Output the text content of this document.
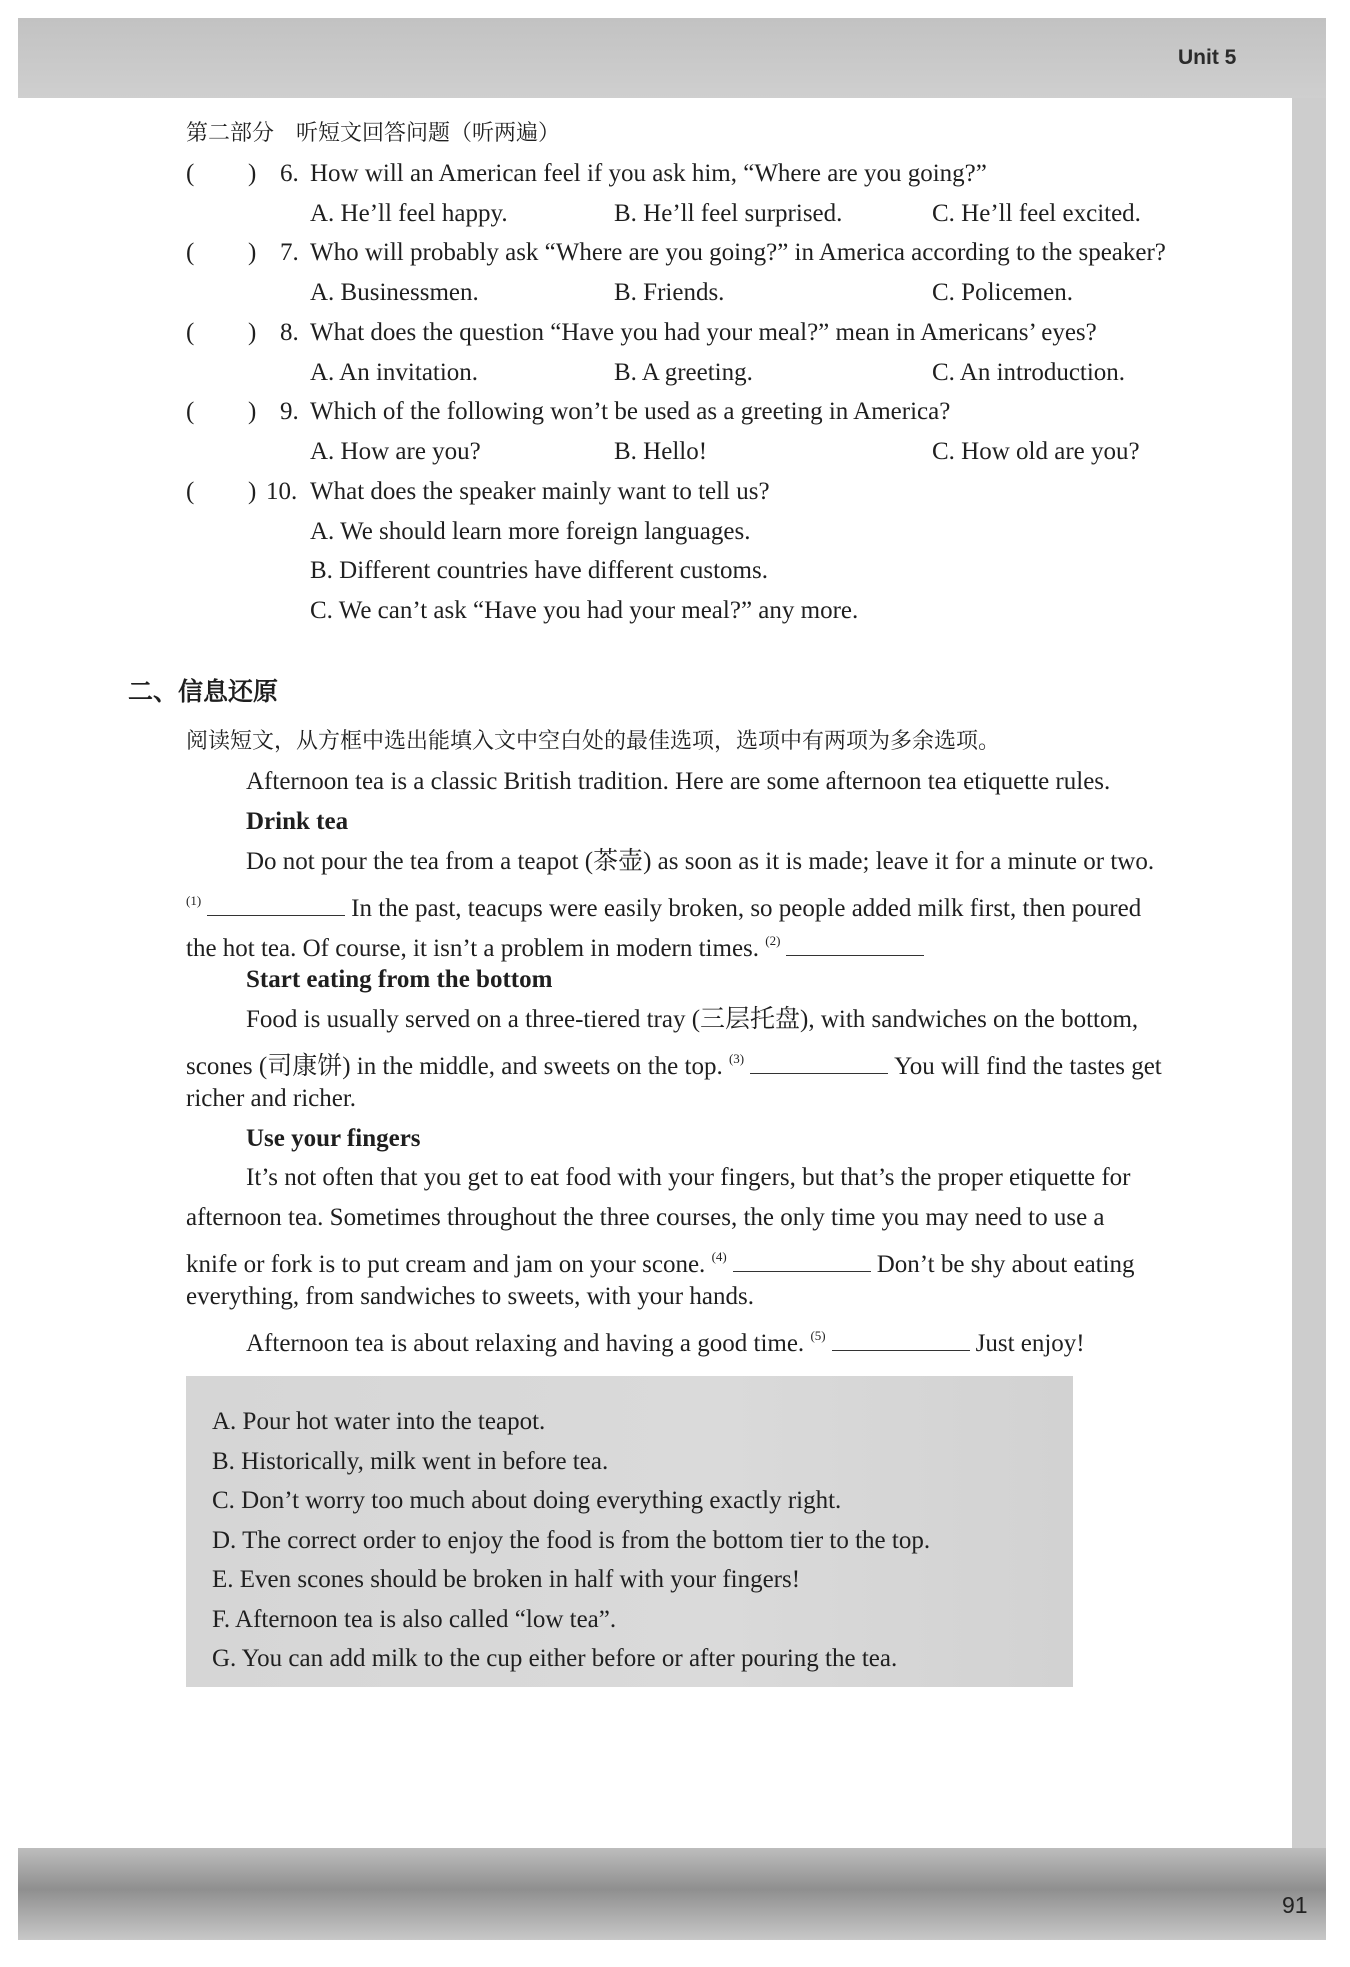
Unit 5
第二部分　听短文回答问题（听两遍）
( ) 6. How will an American feel if you ask him, “Where are you going?”
A. He’ll feel happy.	B. He’ll feel surprised.	C. He’ll feel excited.
( ) 7. Who will probably ask “Where are you going?” in America according to the speaker?
A. Businessmen.	B. Friends.	C. Policemen.
( ) 8. What does the question “Have you had your meal?” mean in Americans’ eyes?
A. An invitation.	B. A greeting.	C. An introduction.
( ) 9. Which of the following won’t be used as a greeting in America?
A. How are you?	B. Hello!	C. How old are you?
( ) 10. What does the speaker mainly want to tell us?
A. We should learn more foreign languages.
B. Different countries have different customs.
C. We can’t ask “Have you had your meal?” any more.
二、信息还原
阅读短文，从方框中选出能填入文中空白处的最佳选项，选项中有两项为多余选项。
Afternoon tea is a classic British tradition. Here are some afternoon tea etiquette rules.
Drink tea
Do not pour the tea from a teapot (茶壶) as soon as it is made; leave it for a minute or two.
$^{(1)}$	In the past, teacups were easily broken, so people added milk first, then poured
the hot tea. Of course, it isn’t a problem in modern times. $^{(2)}$
Start eating from the bottom
Food is usually served on a three-tiered tray (三层托盘), with sandwiches on the bottom,
scones (司康饼) in the middle, and sweets on the top. $^{(3)}$	You will find the tastes get
richer and richer.
Use your fingers
It’s not often that you get to eat food with your fingers, but that’s the proper etiquette for
afternoon tea. Sometimes throughout the three courses, the only time you may need to use a
knife or fork is to put cream and jam on your scone. $^{(4)}$	Don’t be shy about eating
everything, from sandwiches to sweets, with your hands.
Afternoon tea is about relaxing and having a good time. $^{(5)}$	Just enjoy!
A. Pour hot water into the teapot.
B. Historically, milk went in before tea.
C. Don’t worry too much about doing everything exactly right.
D. The correct order to enjoy the food is from the bottom tier to the top.
E. Even scones should be broken in half with your fingers!
F. Afternoon tea is also called “low tea”.
G. You can add milk to the cup either before or after pouring the tea.
91
